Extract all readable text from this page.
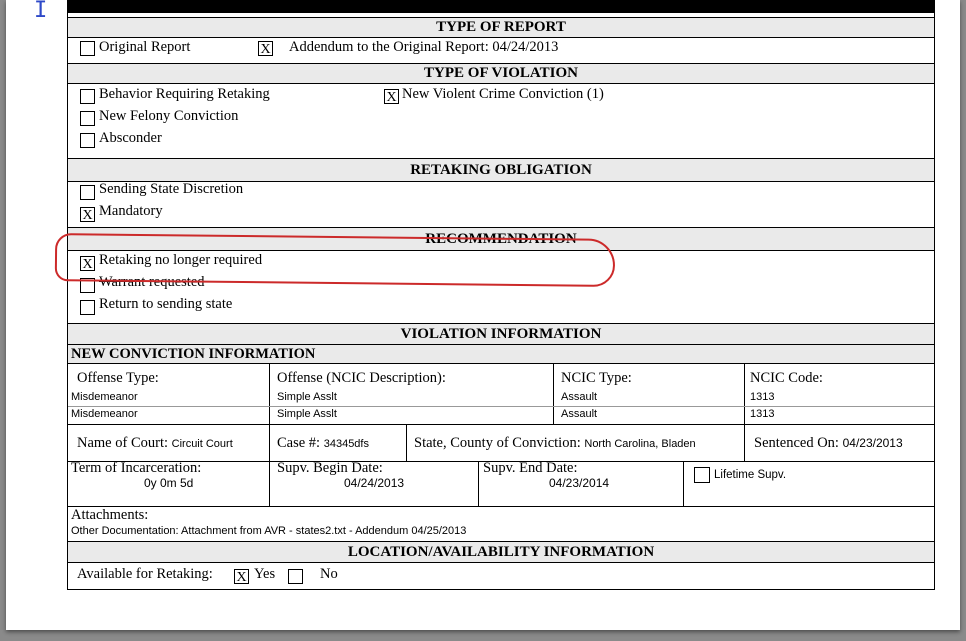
I
TYPE OF REPORT
Original Report	X Addendum to the Original Report: 04/24/2013
TYPE OF VIOLATION
Behavior Requiring Retaking	X New Violent Crime Conviction (1)
New Felony Conviction
Absconder
RETAKING OBLIGATION
Sending State Discretion
X Mandatory
RECOMMENDATION
X Retaking no longer required
Warrant requested
Return to sending state
VIOLATION INFORMATION
NEW CONVICTION INFORMATION
Offense Type:	Offense (NCIC Description):	NCIC Type:	NCIC Code:
Misdemeanor	Simple Asslt	Assault	1313
Misdemeanor	Simple Asslt	Assault	1313
Name of Court: Circuit Court	Case #: 34345dfs	State, County of Conviction: North Carolina, Bladen	Sentenced On: 04/23/2013
Term of Incarceration:
0y 0m 5d
Supv. Begin Date:
04/24/2013
Supv. End Date:
04/23/2014
Lifetime Supv.
Attachments:
Other Documentation: Attachment from AVR - states2.txt - Addendum 04/25/2013
LOCATION/AVAILABILITY INFORMATION
Available for Retaking: X Yes	No
